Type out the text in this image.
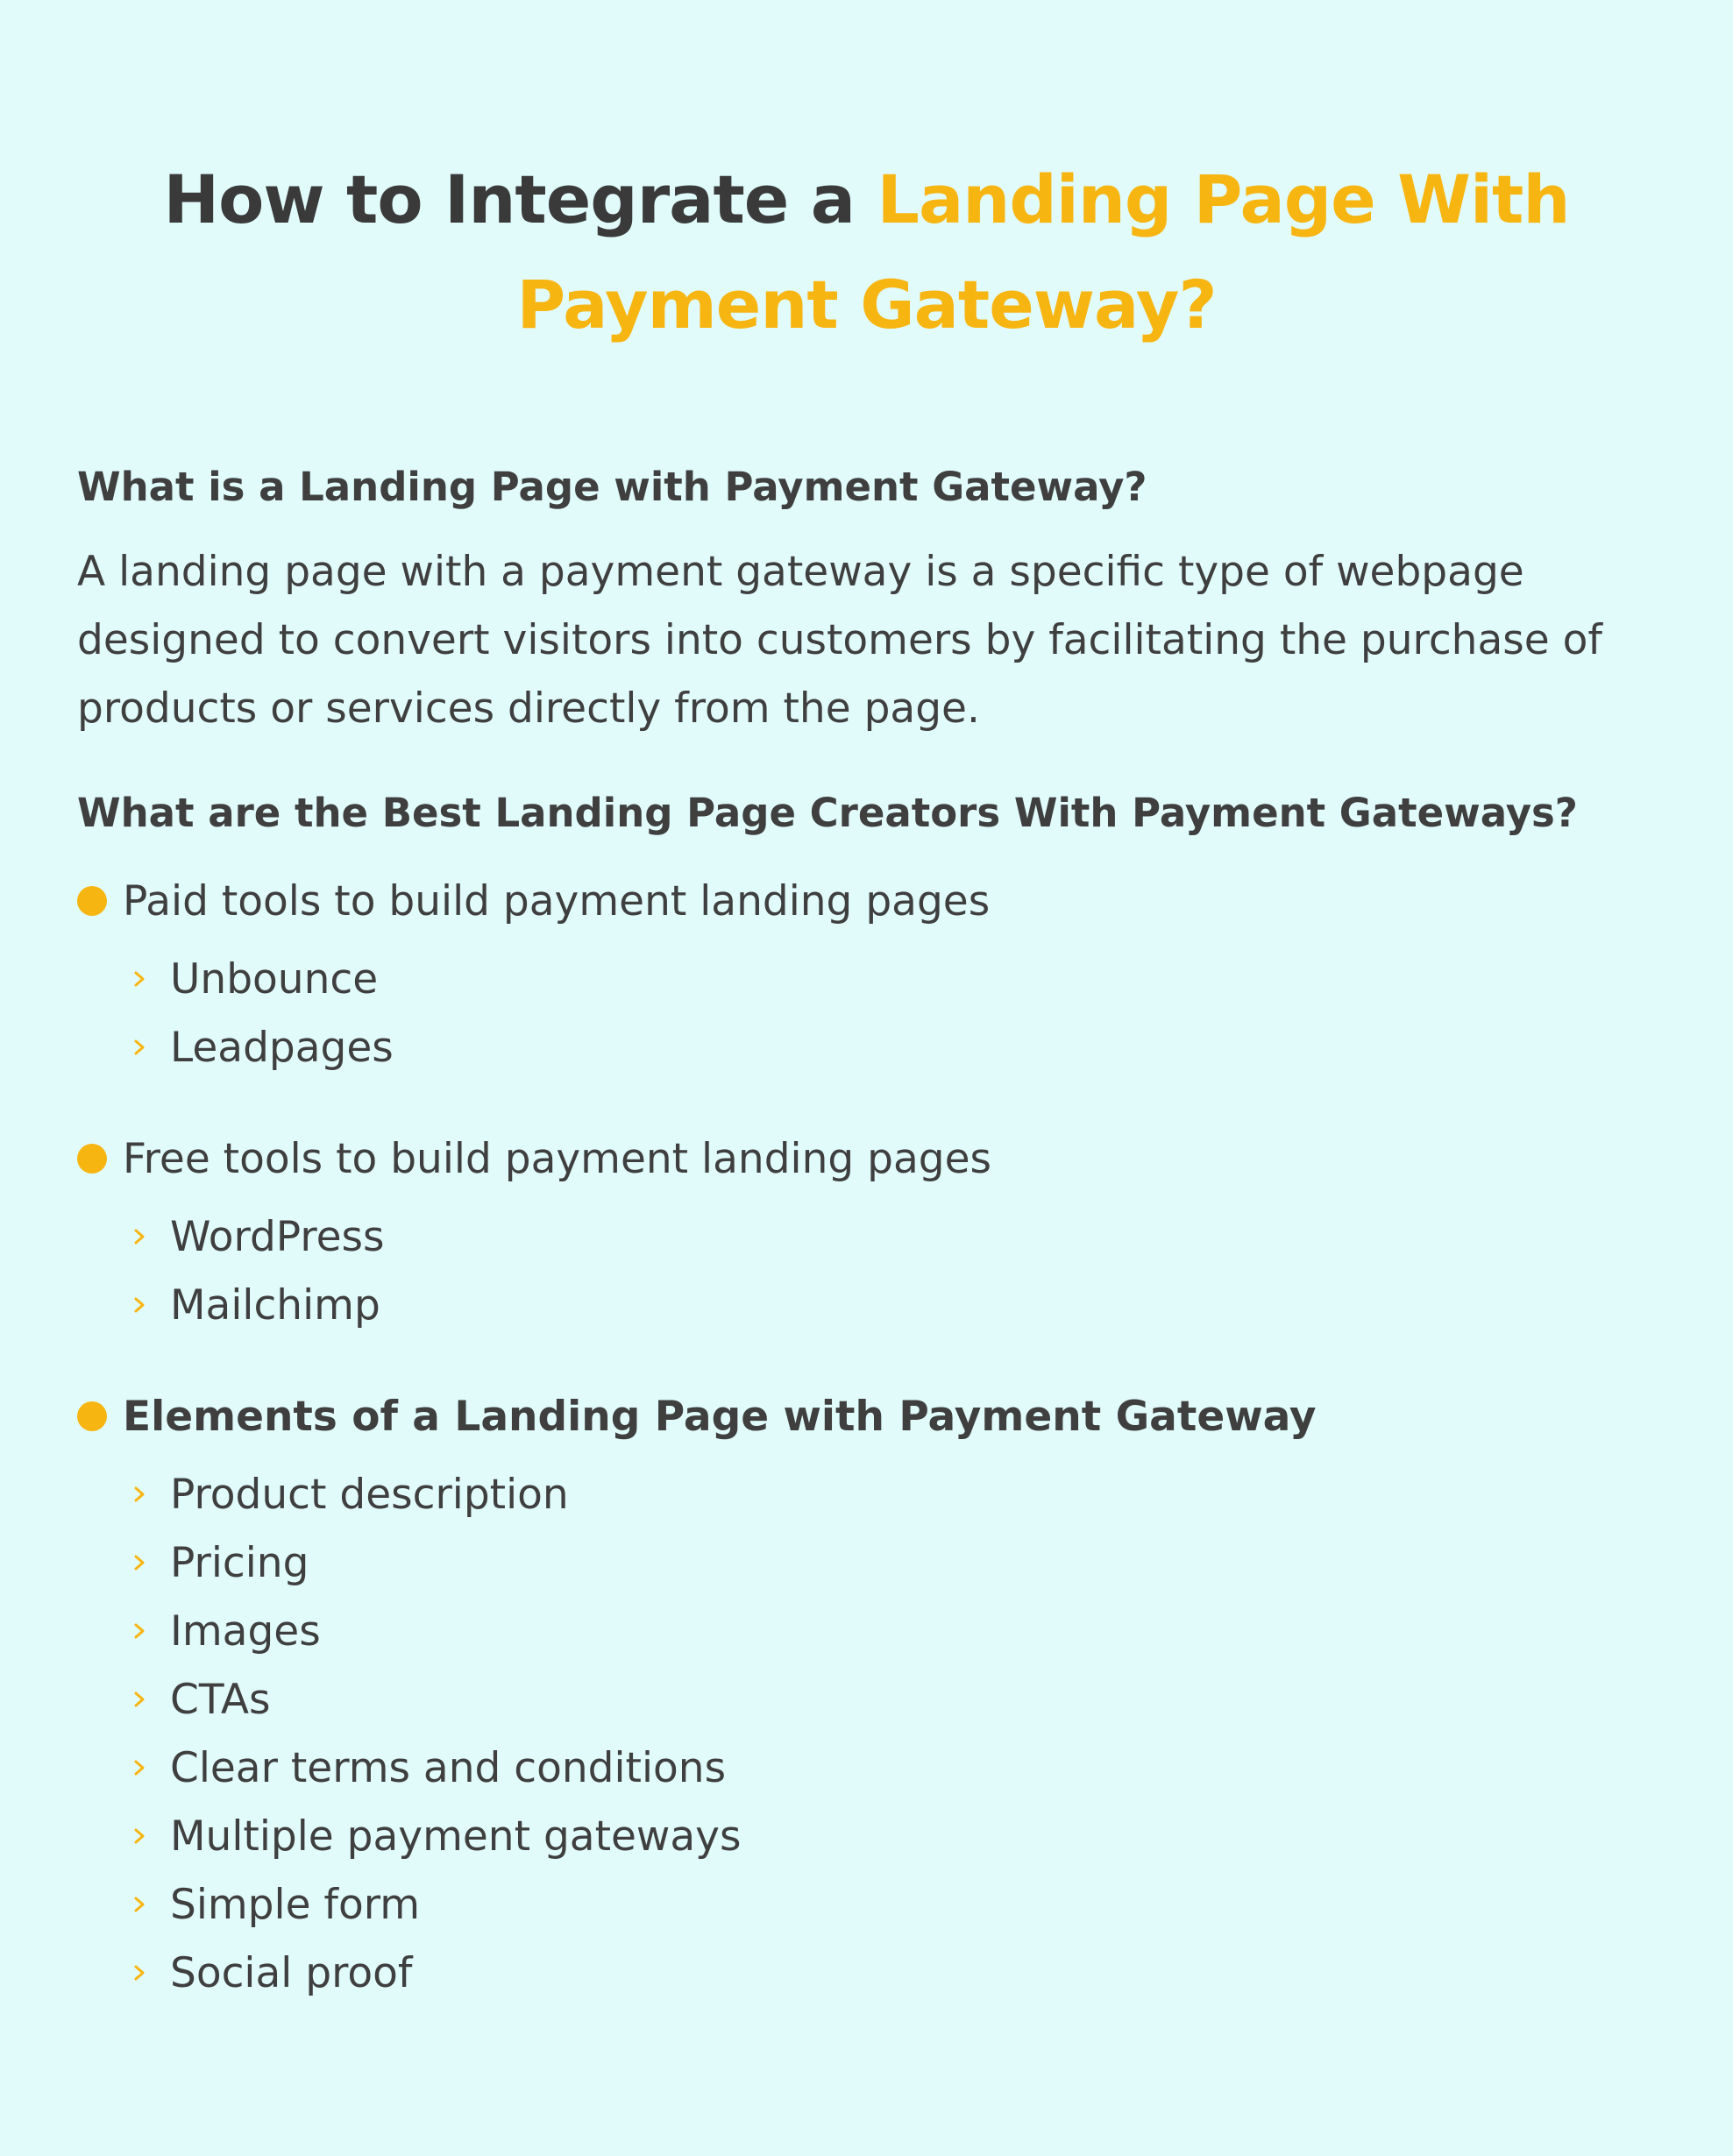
How to Integrate a Landing Page With
Payment Gateway?
What is a Landing Page with Payment Gateway?

A landing page with a payment gateway is a specific type of webpage designed to convert visitors into customers by facilitating the purchase of products or services directly from the page.

What are the Best Landing Page Creators With Payment Gateways?
Paid tools to build payment landing pages
Unbounce
Leadpages
Free tools to build payment landing pages
WordPress
Mailchimp
Elements of a Landing Page with Payment Gateway
Product description
Pricing
Images
CTAs
Clear terms and conditions
Multiple payment gateways
Simple form
Social proof
